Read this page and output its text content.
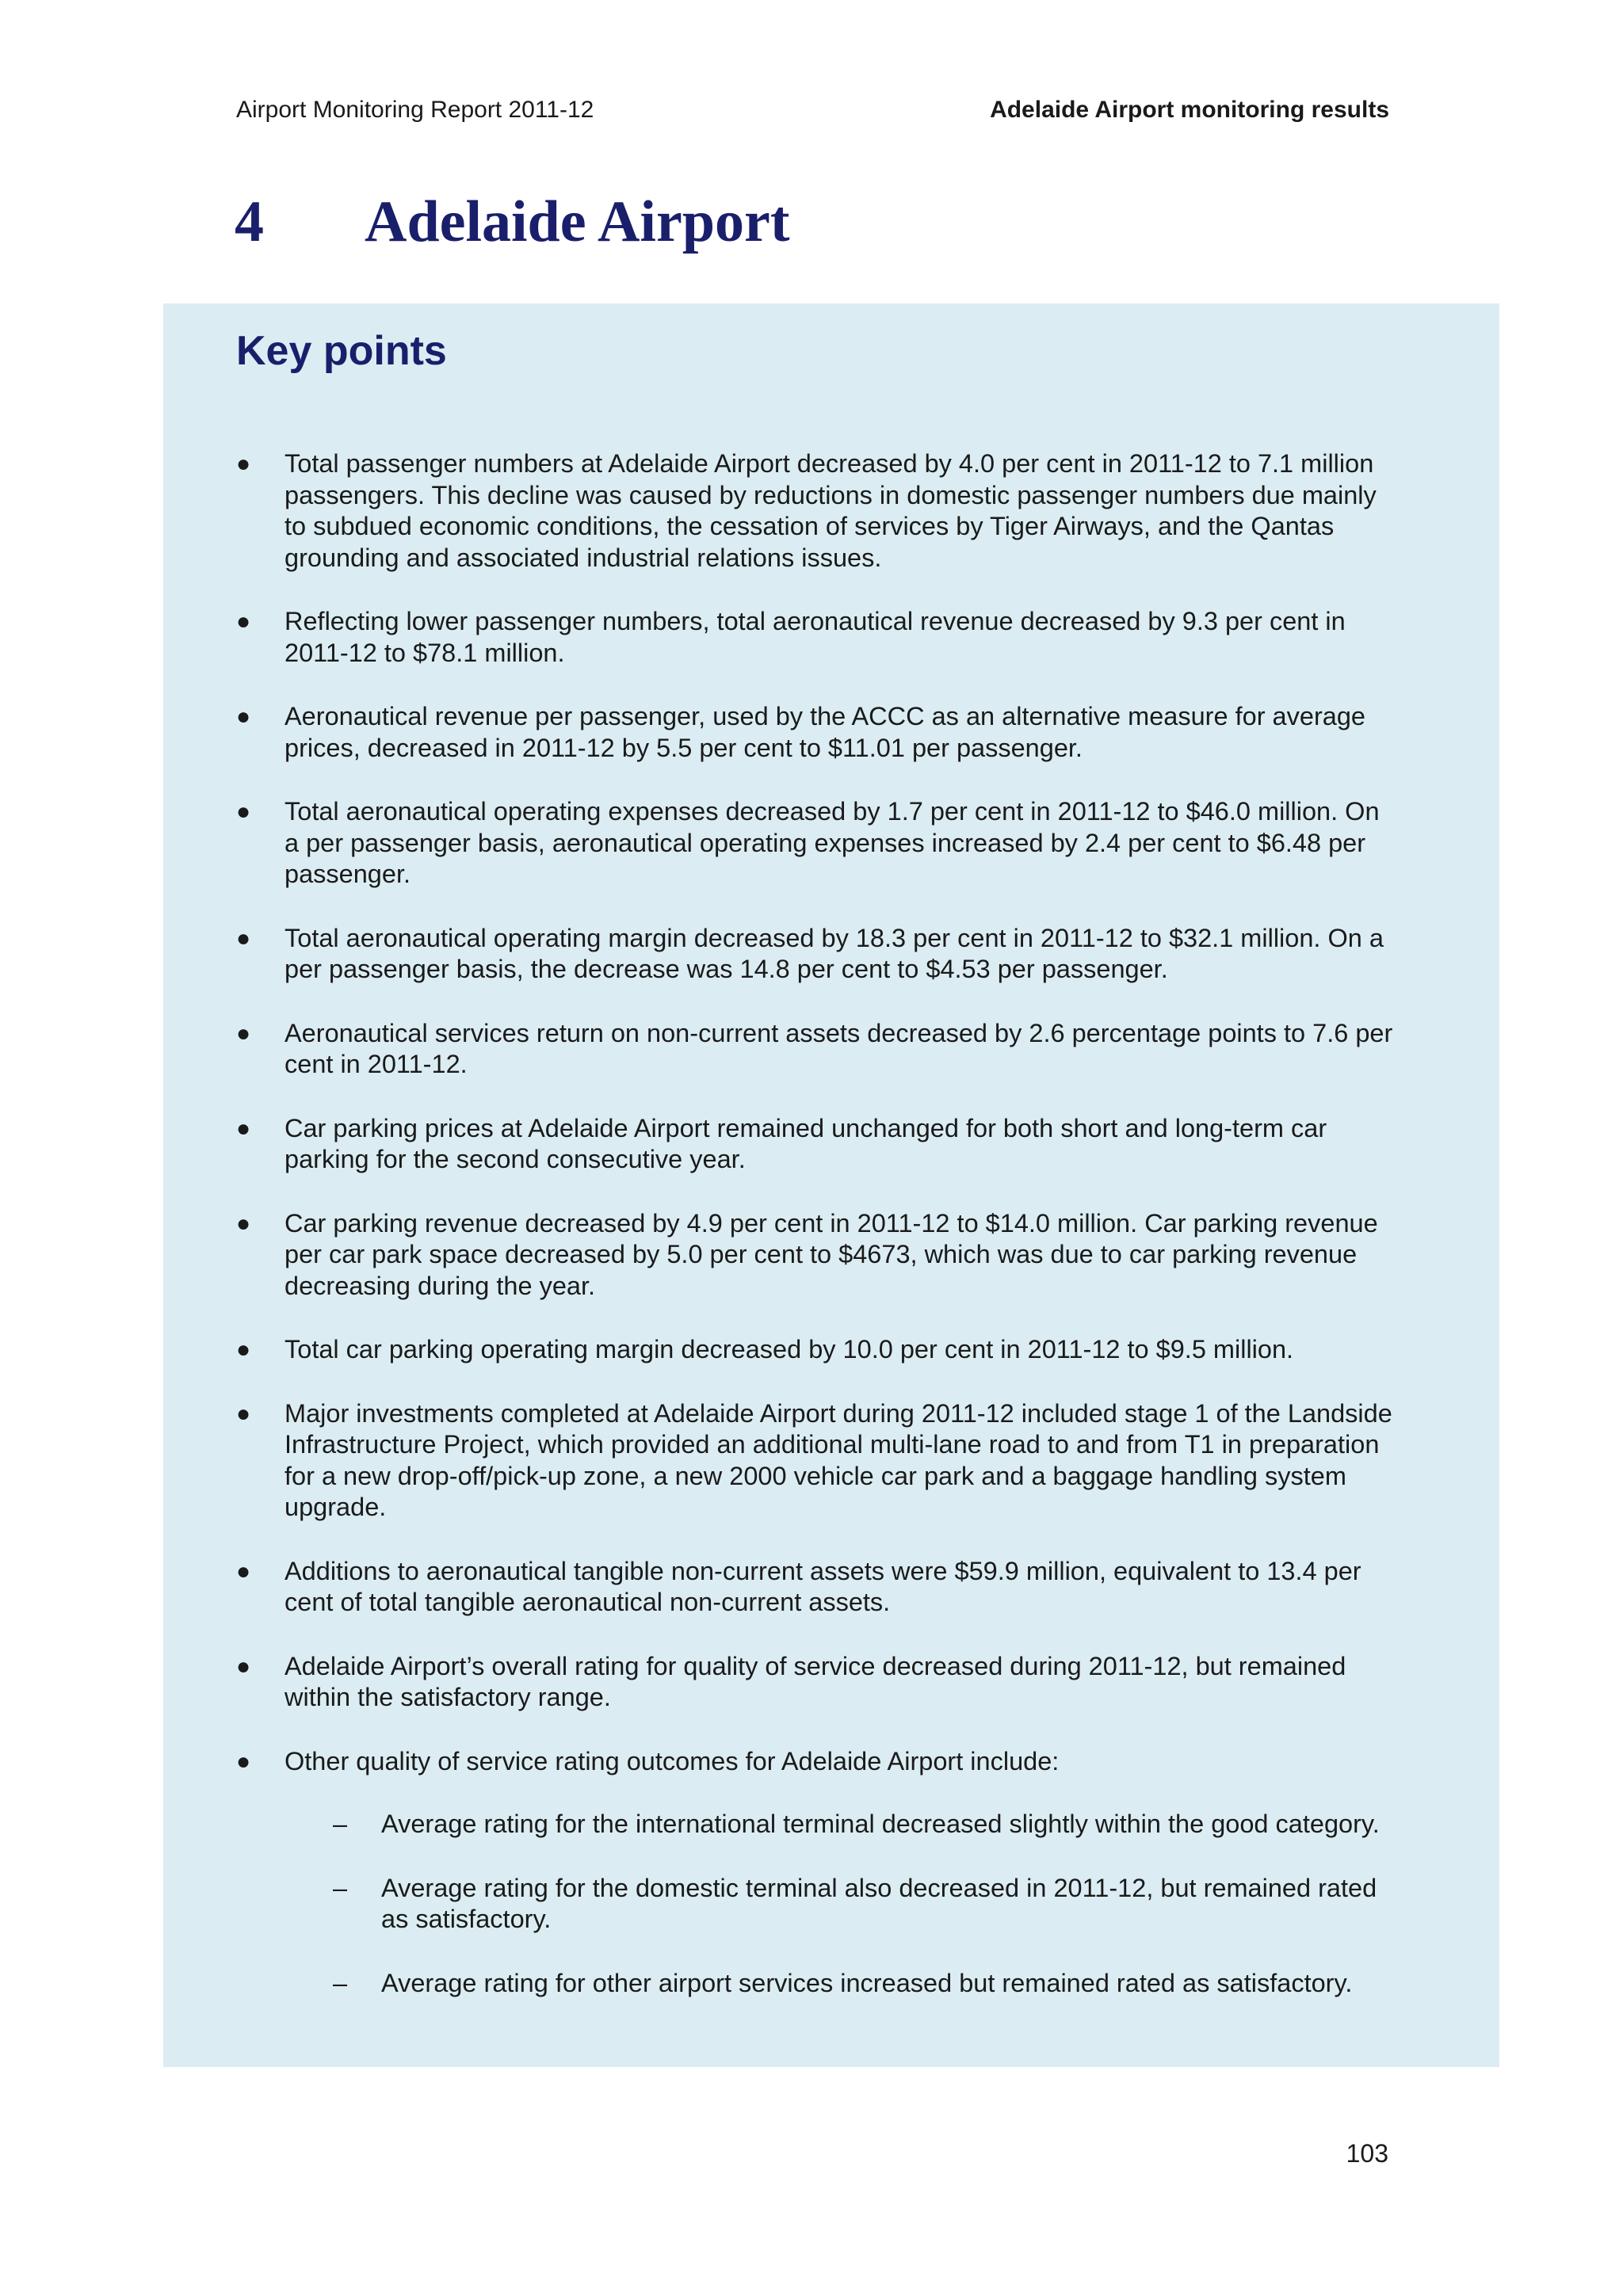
Airport Monitoring Report 2011-12	Adelaide Airport monitoring results
4	Adelaide Airport
Key points
● Total passenger numbers at Adelaide Airport decreased by 4.0 per cent in 2011-12 to 7.1 million passengers. This decline was caused by reductions in domestic passenger numbers due mainly to subdued economic conditions, the cessation of services by Tiger Airways, and the Qantas grounding and associated industrial relations issues.
● Reflecting lower passenger numbers, total aeronautical revenue decreased by 9.3 per cent in 2011-12 to $78.1 million.
● Aeronautical revenue per passenger, used by the ACCC as an alternative measure for average prices, decreased in 2011-12 by 5.5 per cent to $11.01 per passenger.
● Total aeronautical operating expenses decreased by 1.7 per cent in 2011-12 to $46.0 million. On a per passenger basis, aeronautical operating expenses increased by 2.4 per cent to $6.48 per passenger.
● Total aeronautical operating margin decreased by 18.3 per cent in 2011-12 to $32.1 million. On a per passenger basis, the decrease was 14.8 per cent to $4.53 per passenger.
● Aeronautical services return on non-current assets decreased by 2.6 percentage points to 7.6 per cent in 2011-12.
● Car parking prices at Adelaide Airport remained unchanged for both short and long-term car parking for the second consecutive year.
● Car parking revenue decreased by 4.9 per cent in 2011-12 to $14.0 million. Car parking revenue per car park space decreased by 5.0 per cent to $4673, which was due to car parking revenue decreasing during the year.
● Total car parking operating margin decreased by 10.0 per cent in 2011-12 to $9.5 million.
● Major investments completed at Adelaide Airport during 2011-12 included stage 1 of the Landside Infrastructure Project, which provided an additional multi-lane road to and from T1 in preparation for a new drop-off/pick-up zone, a new 2000 vehicle car park and a baggage handling system upgrade.
● Additions to aeronautical tangible non-current assets were $59.9 million, equivalent to 13.4 per cent of total tangible aeronautical non-current assets.
● Adelaide Airport’s overall rating for quality of service decreased during 2011-12, but remained within the satisfactory range.
● Other quality of service rating outcomes for Adelaide Airport include:
– Average rating for the international terminal decreased slightly within the good category.
– Average rating for the domestic terminal also decreased in 2011-12, but remained rated as satisfactory.
– Average rating for other airport services increased but remained rated as satisfactory.
103
